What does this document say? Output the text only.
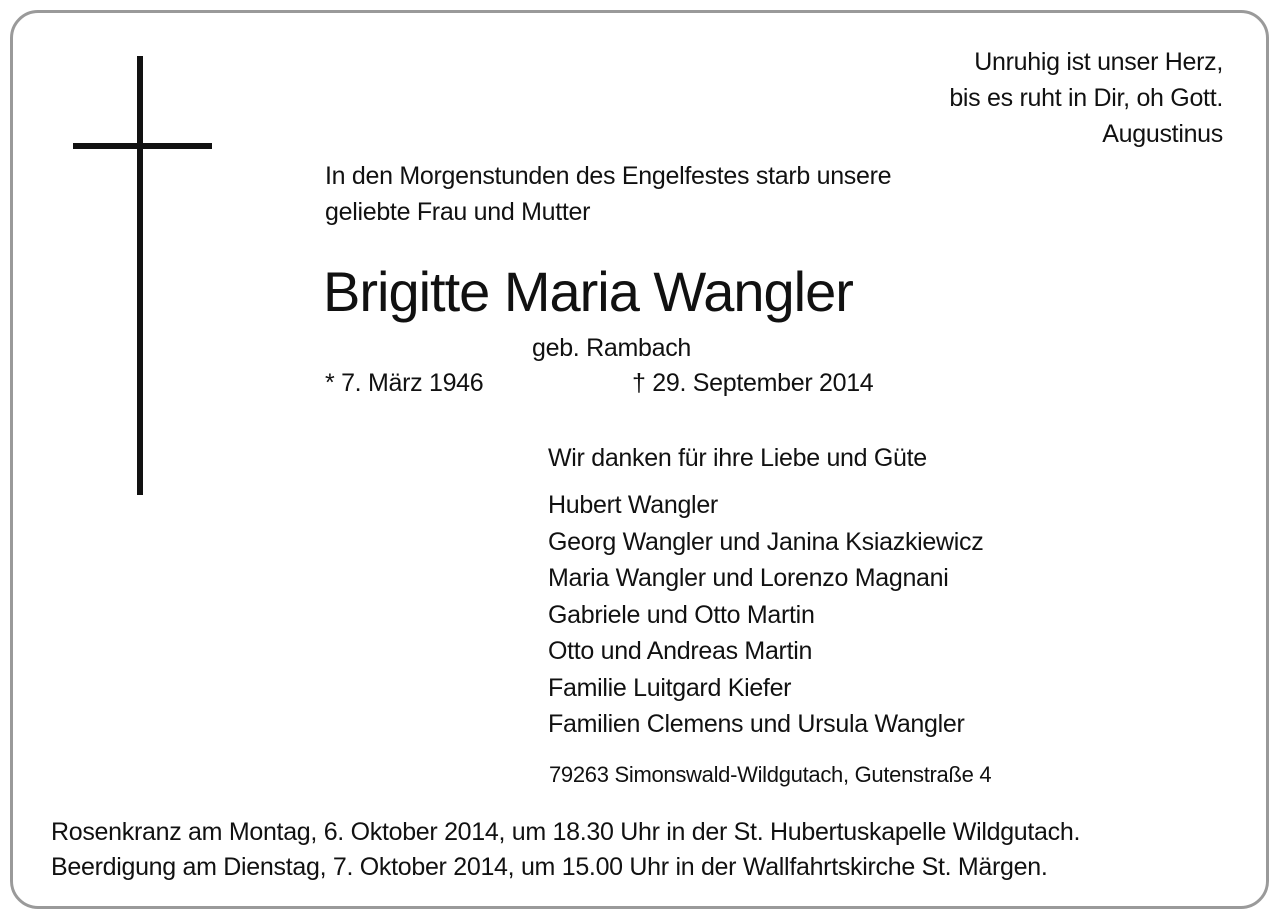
Unruhig ist unser Herz,
bis es ruht in Dir, oh Gott.
Augustinus
In den Morgenstunden des Engelfestes starb unsere
geliebte Frau und Mutter
Brigitte Maria Wangler
geb. Rambach
* 7. März 1946	† 29. September 2014
Wir danken für ihre Liebe und Güte
Hubert Wangler
Georg Wangler und Janina Ksiazkiewicz
Maria Wangler und Lorenzo Magnani
Gabriele und Otto Martin
Otto und Andreas Martin
Familie Luitgard Kiefer
Familien Clemens und Ursula Wangler
79263 Simonswald-Wildgutach, Gutenstraße 4
Rosenkranz am Montag, 6. Oktober 2014, um 18.30 Uhr in der St. Hubertuskapelle Wildgutach.
Beerdigung am Dienstag, 7. Oktober 2014, um 15.00 Uhr in der Wallfahrtskirche St. Märgen.
